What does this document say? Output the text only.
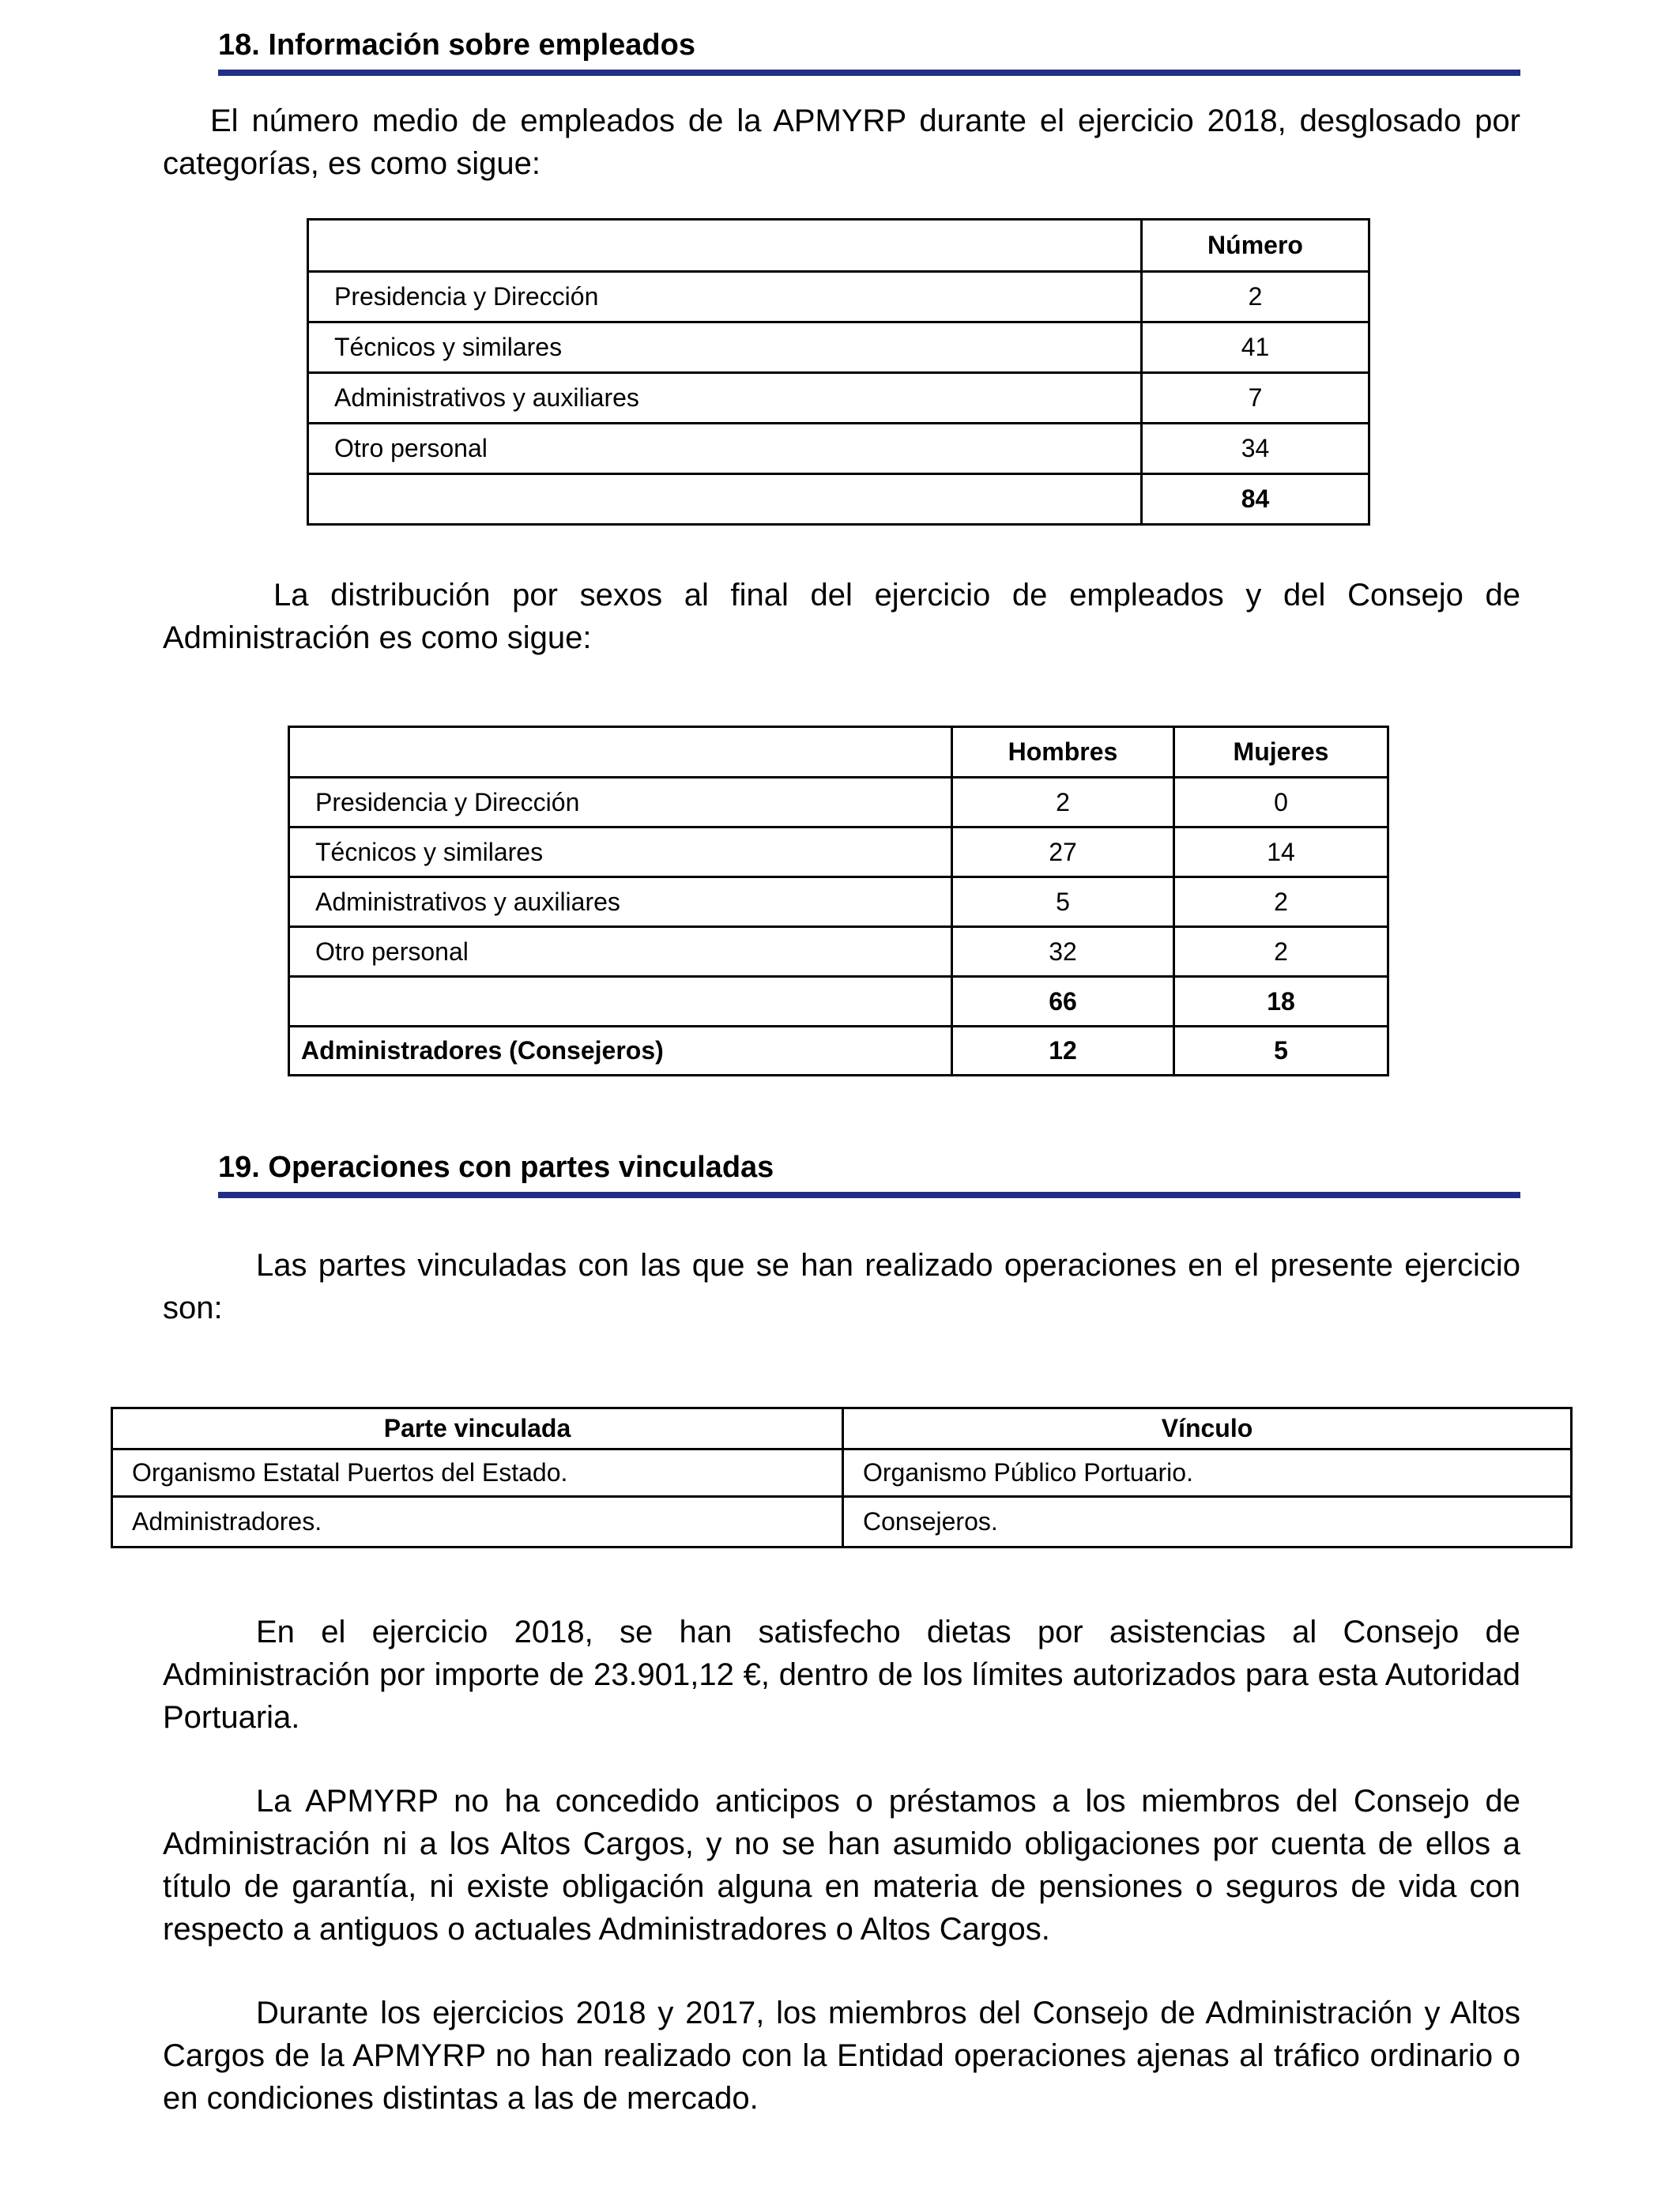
18. Información sobre empleados
El número medio de empleados de la APMYRP durante el ejercicio 2018, desglosado por categorías, es como sigue:
	Número
Presidencia y Dirección	2
Técnicos y similares	41
Administrativos y auxiliares	7
Otro personal	34
	84
La distribución por sexos al final del ejercicio de empleados y del Consejo de Administración es como sigue:
	Hombres	Mujeres
Presidencia y Dirección	2	0
Técnicos y similares	27	14
Administrativos y auxiliares	5	2
Otro personal	32	2
	66	18
Administradores (Consejeros)	12	5
19. Operaciones con partes vinculadas
Las partes vinculadas con las que se han realizado operaciones en el presente ejercicio son:
Parte vinculada	Vínculo
Organismo Estatal Puertos del Estado.	Organismo Público Portuario.
Administradores.	Consejeros.
En el ejercicio 2018, se han satisfecho dietas por asistencias al Consejo de Administración por importe de 23.901,12 €, dentro de los límites autorizados para esta Autoridad Portuaria.
La APMYRP no ha concedido anticipos o préstamos a los miembros del Consejo de Administración ni a los Altos Cargos, y no se han asumido obligaciones por cuenta de ellos a título de garantía, ni existe obligación alguna en materia de pensiones o seguros de vida con respecto a antiguos o actuales Administradores o Altos Cargos.
Durante los ejercicios 2018 y 2017, los miembros del Consejo de Administración y Altos Cargos de la APMYRP no han realizado con la Entidad operaciones ajenas al tráfico ordinario o en condiciones distintas a las de mercado.
